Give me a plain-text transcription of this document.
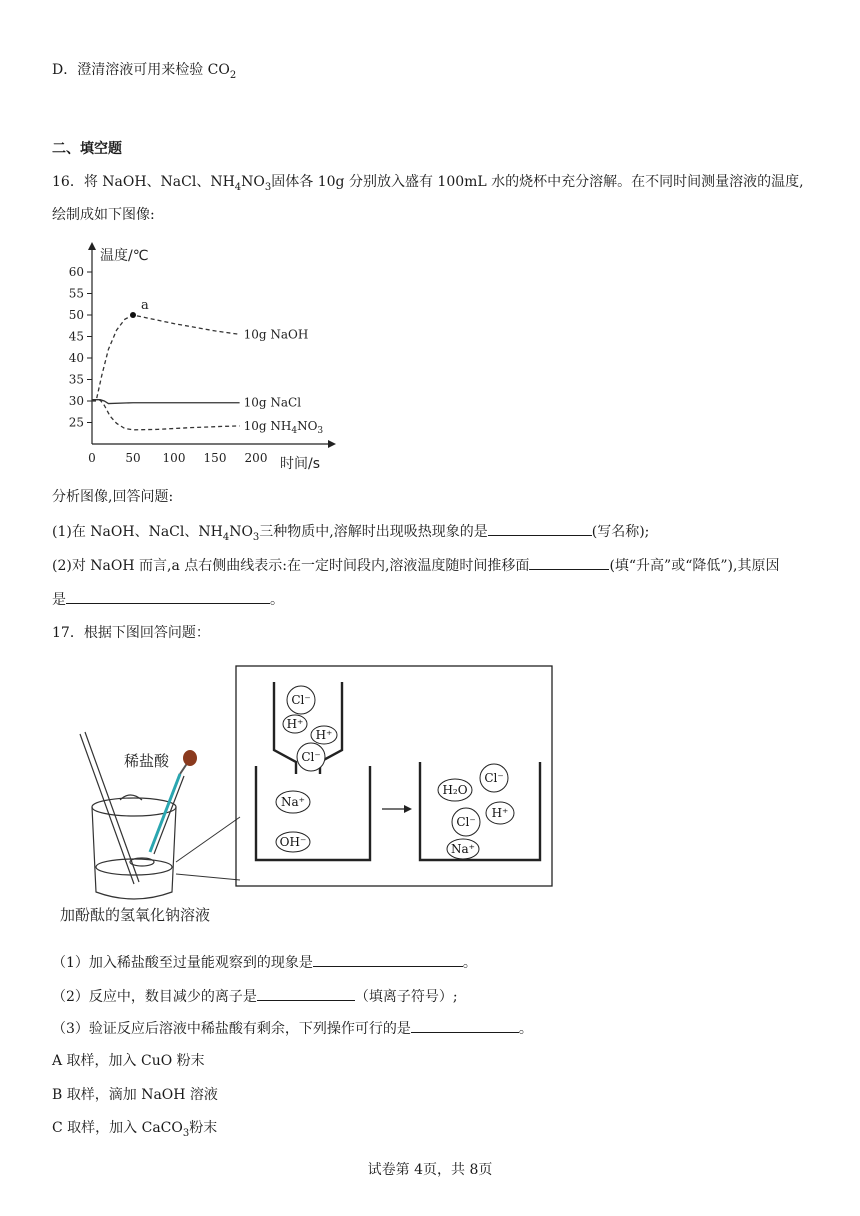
D．澄清溶液可用来检验 $CO_2$
二、填空题
16．将 NaOH、NaCl、$NH_4NO_3$固体各 10g 分别放入盛有 100mL 水的烧杯中充分溶解。在不同时间测量溶液的温度,
绘制成如下图像:
25
30
35
40
45
50
55
60
0 50 100 150 200
温度/℃
时间/s
10g NaOH
10g NaCl
10g $NH_4NO_3$
a
分析图像,回答问题:
(1)在 NaOH、NaCl、$NH_4NO_3$三种物质中,溶解时出现吸热现象的是	(写名称);
(2)对 NaOH 而言,a 点右侧曲线表示:在一定时间段内,溶液温度随时间推移面	(填“升高”或“降低”),其原因
是	。
17．根据下图回答问题：
稀盐酸
加酚酞的氢氧化钠溶液
Cl⁻
H⁺
H⁺
Cl⁻
Na⁺
OH⁻
H₂O
Cl⁻
H⁺
Cl⁻
Na⁺
（1）加入稀盐酸至过量能观察到的现象是	。
（2）反应中，数目减少的离子是	（填离子符号）;
（3）验证反应后溶液中稀盐酸有剩余，下列操作可行的是	。
A 取样，加入 CuO 粉末
B 取样，滴加 NaOH 溶液
C 取样，加入 CaCO$_3$粉末
试卷第 4页，共 8页
